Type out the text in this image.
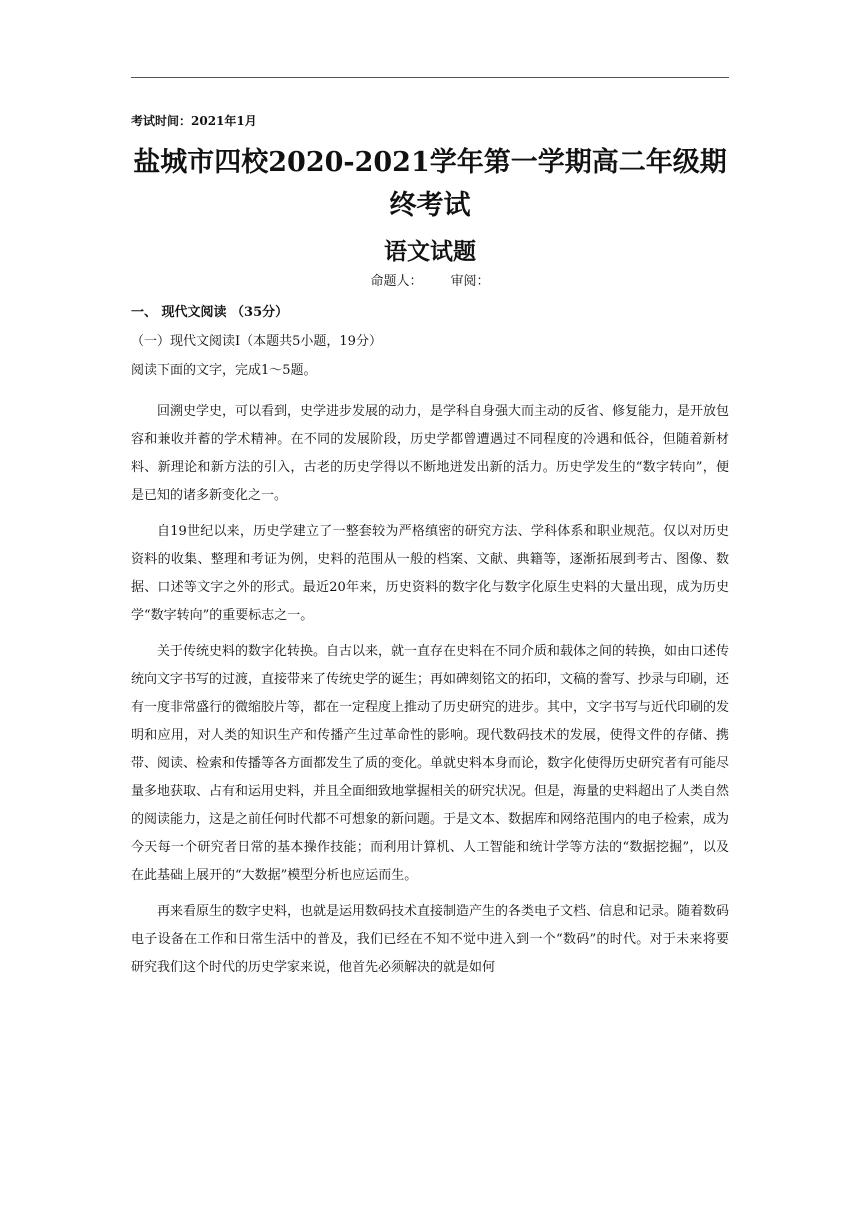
考试时间：2021年1月
盐城市四校2020-2021学年第一学期高二年级期终考试
语文试题
命题人： 审阅：
一、 现代文阅读 （35分）
（一）现代文阅读Ⅰ（本题共5小题，19分）
阅读下面的文字，完成1～5题。

回溯史学史，可以看到，史学进步发展的动力，是学科自身强大而主动的反省、修复能力，是开放包容和兼收并蓄的学术精神。在不同的发展阶段，历史学都曾遭遇过不同程度的冷遇和低谷，但随着新材料、新理论和新方法的引入，古老的历史学得以不断地迸发出新的活力。历史学发生的“数字转向”，便是已知的诸多新变化之一。

自19世纪以来，历史学建立了一整套较为严格缜密的研究方法、学科体系和职业规范。仅以对历史资料的收集、整理和考证为例，史料的范围从一般的档案、文献、典籍等，逐渐拓展到考古、图像、数据、口述等文字之外的形式。最近20年来，历史资料的数字化与数字化原生史料的大量出现，成为历史学“数字转向”的重要标志之一。

关于传统史料的数字化转换。自古以来，就一直存在史料在不同介质和载体之间的转换，如由口述传统向文字书写的过渡，直接带来了传统史学的诞生；再如碑刻铭文的拓印，文稿的誊写、抄录与印刷，还有一度非常盛行的微缩胶片等，都在一定程度上推动了历史研究的进步。其中，文字书写与近代印刷的发明和应用，对人类的知识生产和传播产生过革命性的影响。现代数码技术的发展，使得文件的存储、携带、阅读、检索和传播等各方面都发生了质的变化。单就史料本身而论，数字化使得历史研究者有可能尽量多地获取、占有和运用史料，并且全面细致地掌握相关的研究状况。但是，海量的史料超出了人类自然的阅读能力，这是之前任何时代都不可想象的新问题。于是文本、数据库和网络范围内的电子检索，成为今天每一个研究者日常的基本操作技能；而利用计算机、人工智能和统计学等方法的“数据挖掘”，以及在此基础上展开的“大数据”模型分析也应运而生。

再来看原生的数字史料，也就是运用数码技术直接制造产生的各类电子文档、信息和记录。随着数码电子设备在工作和日常生活中的普及，我们已经在不知不觉中进入到一个“数码”的时代。对于未来将要研究我们这个时代的历史学家来说，他首先必须解决的就是如何
